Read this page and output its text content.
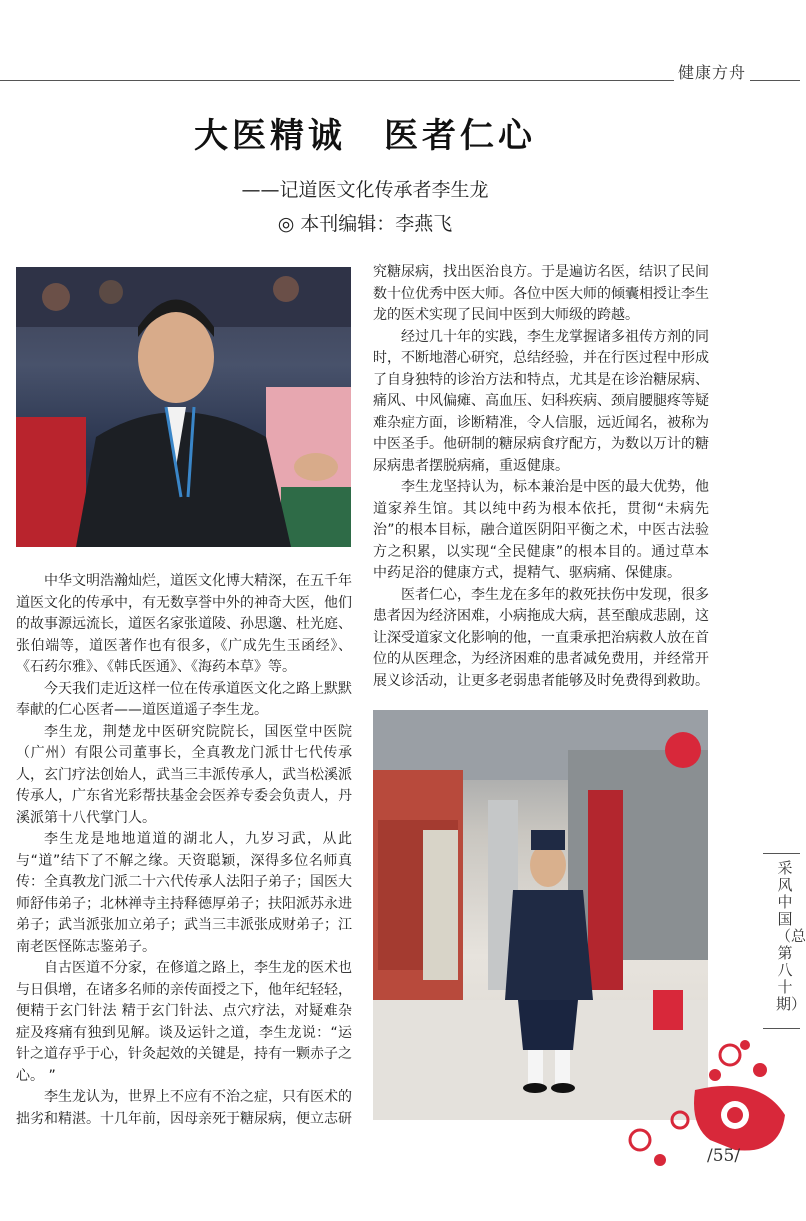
健康方舟
大医精诚　医者仁心
——记道医文化传承者李生龙
◎ 本刊编辑：李燕飞

中华文明浩瀚灿烂，道医文化博大精深，在五千年道医文化的传承中，有无数享誉中外的神奇大医，他们的故事源远流长，道医名家张道陵、孙思邈、杜光庭、张伯端等，道医著作也有很多，《广成先生玉函经》、《石药尔雅》、《韩氏医通》、《海药本草》等。

今天我们走近这样一位在传承道医文化之路上默默奉献的仁心医者——道医道遥子李生龙。

李生龙，荆楚龙中医研究院院长，国医堂中医院（广州）有限公司董事长，全真教龙门派廿七代传承人，玄门疗法创始人，武当三丰派传承人，武当松溪派传承人，广东省光彩帮扶基金会医养专委会负责人，丹溪派第十八代掌门人。

李生龙是地地道道的湖北人，九岁习武，从此与“道”结下了不解之缘。天资聪颖，深得多位名师真传：全真教龙门派二十六代传承人法阳子弟子；国医大师舒伟弟子；北林禅寺主持释德厚弟子；扶阳派苏永进弟子；武当派张加立弟子；武当三丰派张成财弟子；江南老医怪陈志鉴弟子。

自古医道不分家，在修道之路上，李生龙的医术也与日俱增，在诸多名师的亲传面授之下，他年纪轻轻，便精于玄门针法 精于玄门针法、点穴疗法，对疑难杂症及疼痛有独到见解。谈及运针之道，李生龙说：“运针之道存乎于心，针灸起效的关键是，持有一颗赤子之心。 ”

李生龙认为，世界上不应有不治之症，只有医术的拙劣和精湛。十几年前，因母亲死于糖尿病，便立志研

究糖尿病，找出医治良方。于是遍访名医，结识了民间数十位优秀中医大师。各位中医大师的倾囊相授让李生龙的医术实现了民间中医到大师级的跨越。

经过几十年的实践，李生龙掌握诸多祖传方剂的同时，不断地潜心研究，总结经验，并在行医过程中形成了自身独特的诊治方法和特点，尤其是在诊治糖尿病、痛风、中风偏瘫、高血压、妇科疾病、颈肩腰腿疼等疑难杂症方面，诊断精准，令人信服，远近闻名，被称为中医圣手。他研制的糖尿病食疗配方，为数以万计的糖尿病患者摆脱病痛，重返健康。

李生龙坚持认为，标本兼治是中医的最大优势，他道家养生馆。其以纯中药为根本依托，贯彻“未病先治”的根本目标，融合道医阴阳平衡之术，中医古法验方之积累，以实现“全民健康”的根本目的。通过草本中药足浴的健康方式，提精气、驱病痛、保健康。

医者仁心，李生龙在多年的救死扶伤中发现，很多患者因为经济困难，小病拖成大病，甚至酿成悲剧，这让深受道家文化影响的他，一直秉承把治病救人放在首位的从医理念，为经济困难的患者减免费用，并经常开展义诊活动，让更多老弱患者能够及时免费得到救助。

采风中国（总第八十期）
/55/
